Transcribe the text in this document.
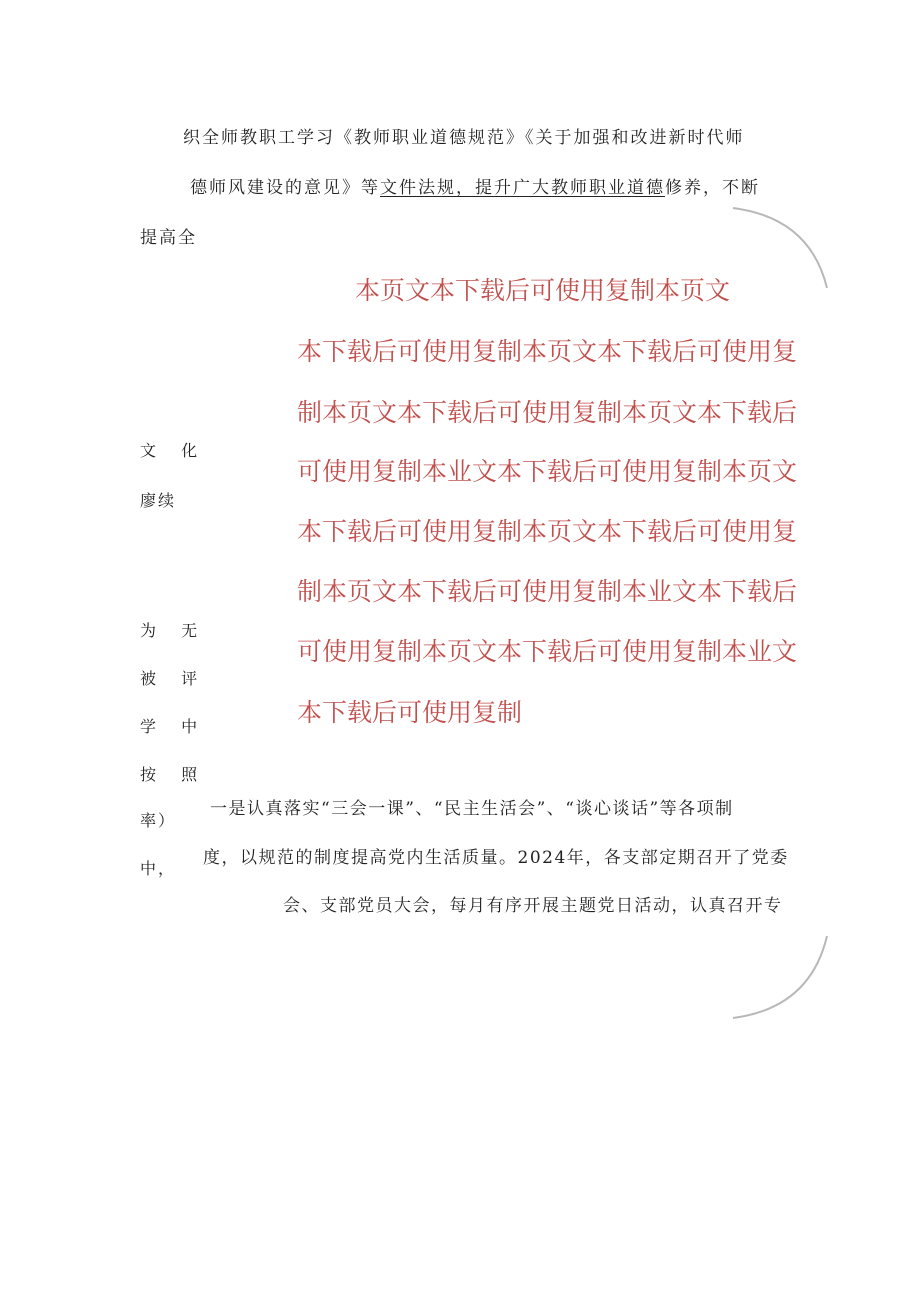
织全师教职工学习《教师职业道德规范》《关于加强和改进新时代师
德师风建设的意见》等文件法规，提升广大教师职业道德修养，不断
提高全
文 化
廖续
为 无
被 评
学 中
按 照
率）
中，
本页文本下载后可使用复制本页文
本下载后可使用复制本页文本下载后可使用复
制本页文本下载后可使用复制本页文本下载后
可使用复制本业文本下载后可使用复制本页文
本下载后可使用复制本页文本下载后可使用复
制本页文本下载后可使用复制本业文本下载后
可使用复制本页文本下载后可使用复制本业文
本下载后可使用复制
一是认真落实“三会一课”、“民主生活会”、“谈心谈话”等各项制
度，以规范的制度提高党内生活质量。2024年，各支部定期召开了党委
会、支部党员大会，每月有序开展主题党日活动，认真召开专
